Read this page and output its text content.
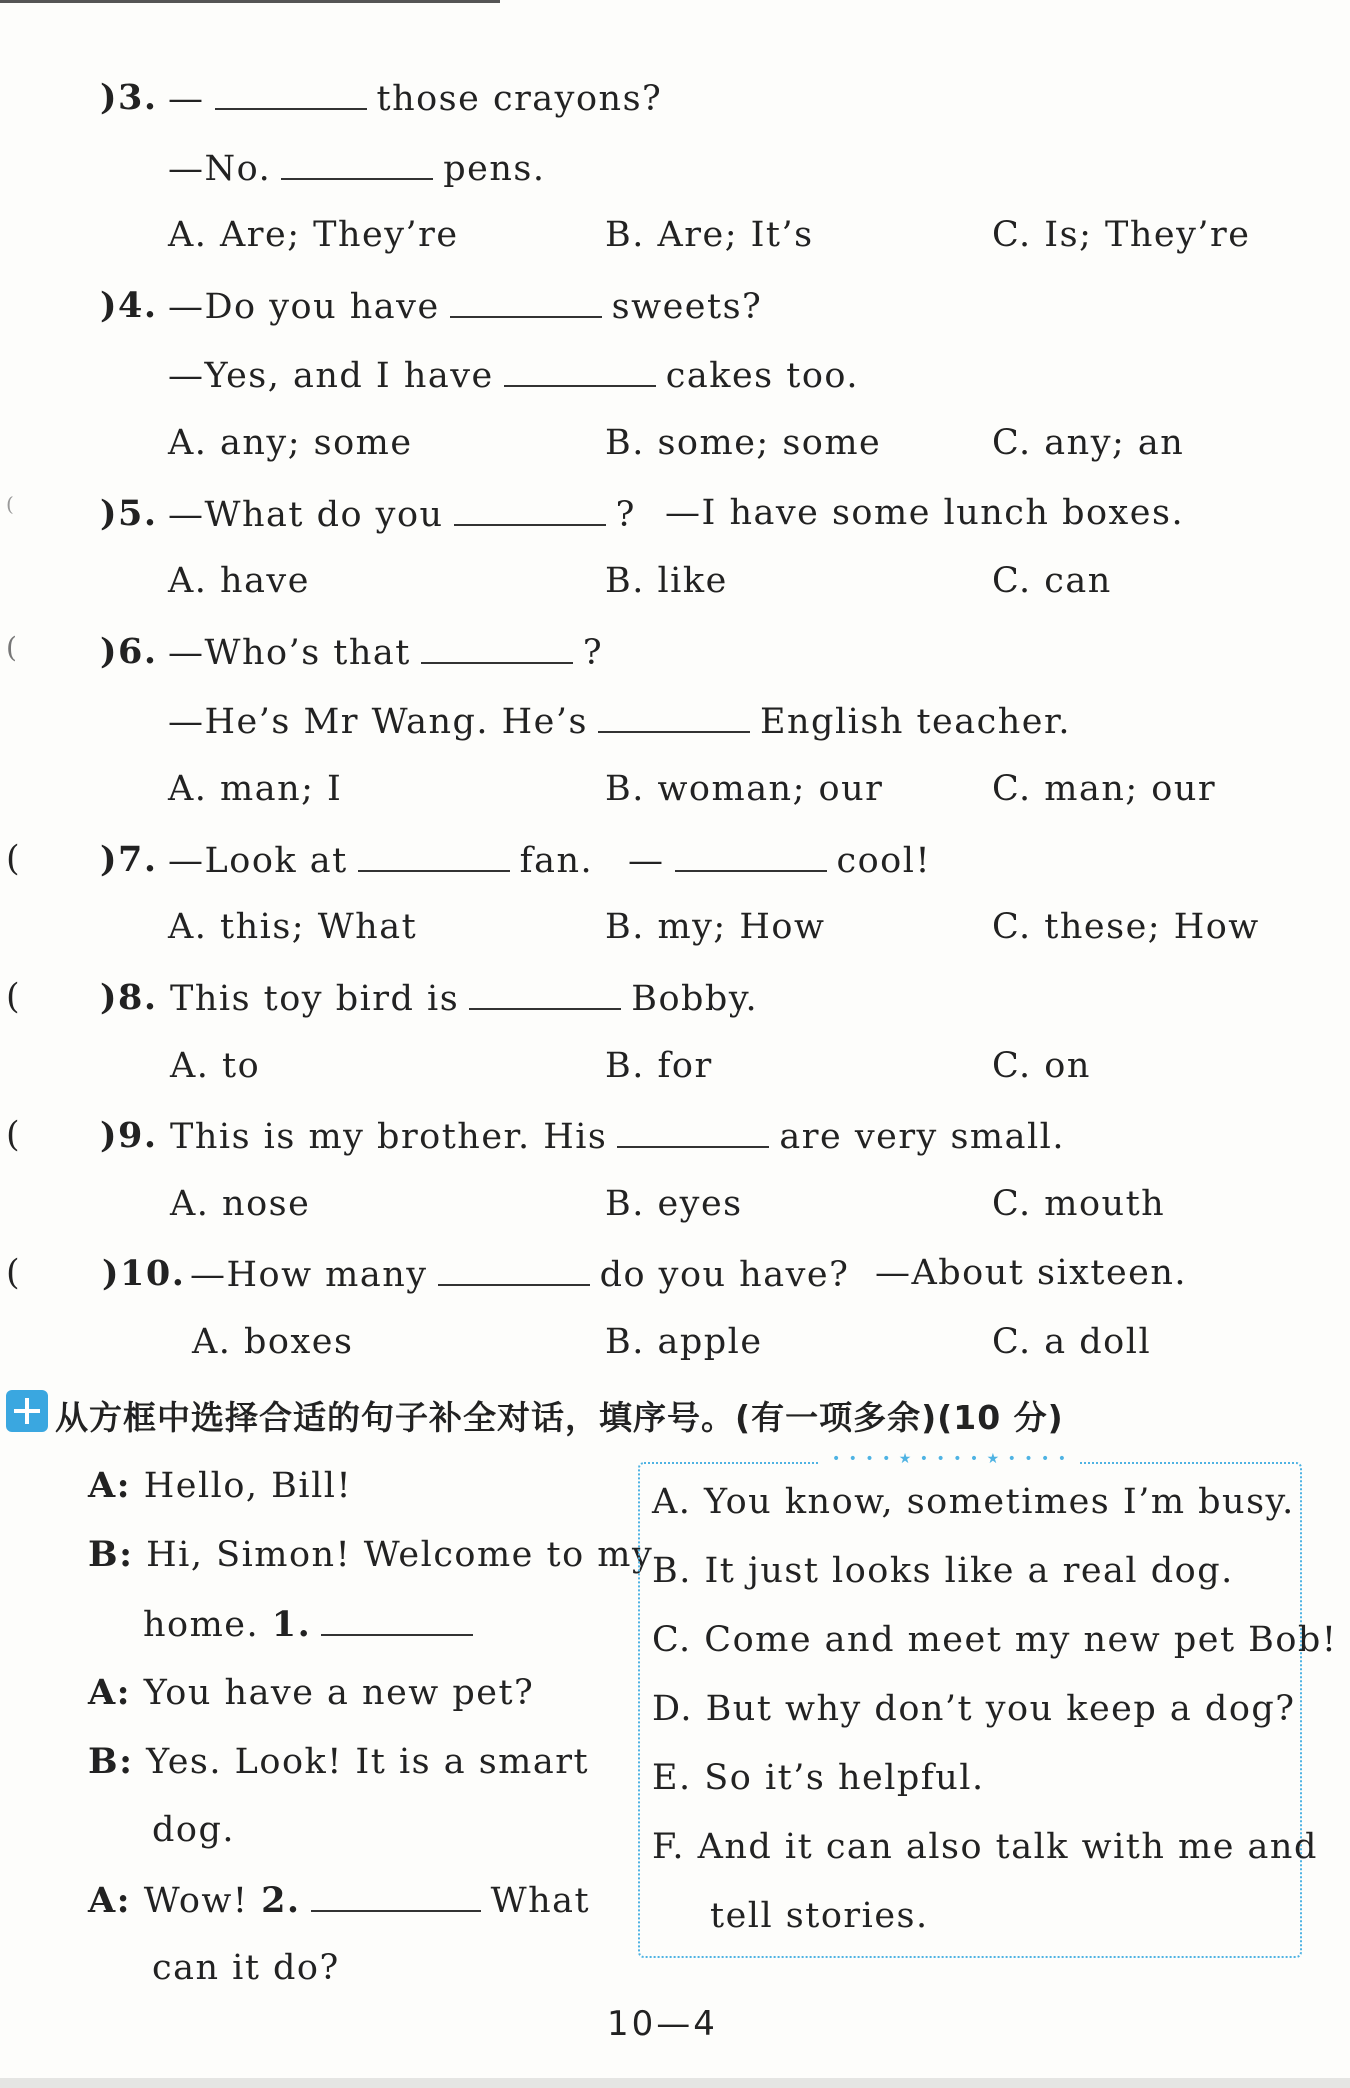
)3. —	those crayons?
—No.	pens.
A. Are; They’re	B. Are; It’s	C. Is; They’re
)4. —Do you have	sweets?
—Yes, and I have	cakes too.
A. any; some	B. some; some	C. any; an
( )5. —What do you	? —I have some lunch boxes.
A. have	B. like	C. can
( )6. —Who’s that	?
—He’s Mr Wang. He’s	English teacher.
A. man; I	B. woman; our	C. man; our
( )7. —Look at	fan. —	cool!
A. this; What	B. my; How	C. these; How
( )8. This toy bird is	Bobby.
A. to	B. for	C. on
( )9. This is my brother. His	are very small.
A. nose	B. eyes	C. mouth
( )10. —How many	do you have? —About sixteen.
A. boxes	B. apple	C. a doll
从方框中选择合适的句子补全对话，填序号。(有一项多余)(10 分)
A: Hello, Bill!
B: Hi, Simon! Welcome to my
home. 1.
A: You have a new pet?
B: Yes. Look! It is a smart
dog.
A: Wow! 2.	What
can it do?
• • • • ★ • • • • ★ • • • •
A. You know, sometimes I’m busy.
B. It just looks like a real dog.
C. Come and meet my new pet Bob!
D. But why don’t you keep a dog?
E. So it’s helpful.
F. And it can also talk with me and
tell stories.
10—4
